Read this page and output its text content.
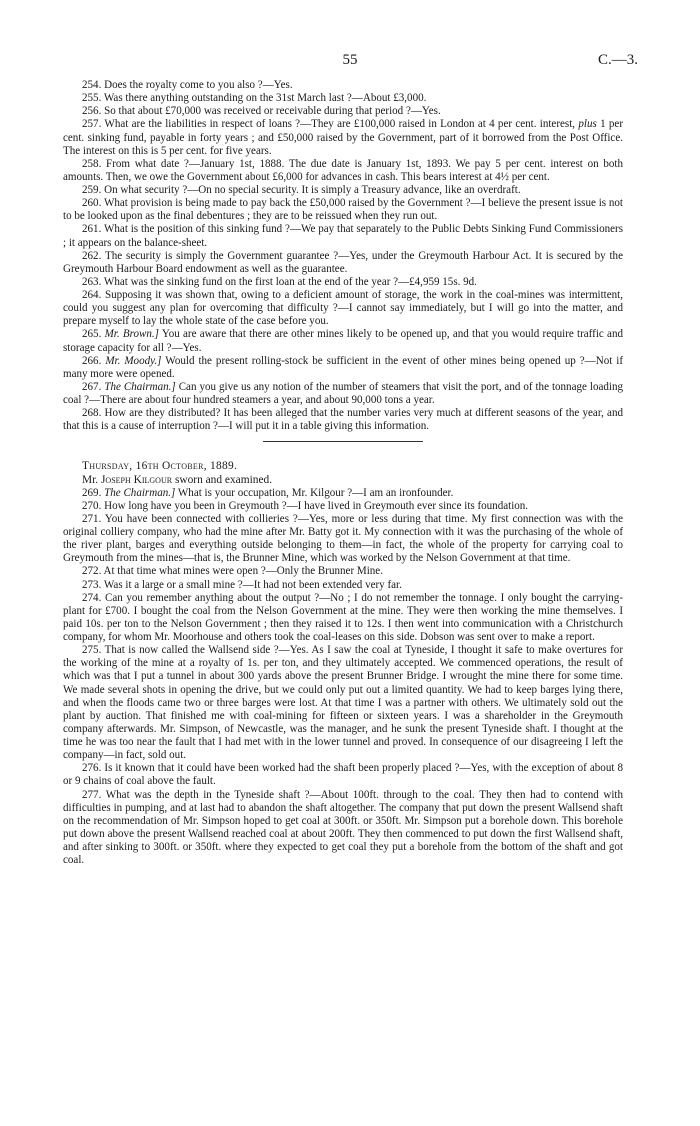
55	C.—3.

254. Does the royalty come to you also ?—Yes.

255. Was there anything outstanding on the 31st March last ?—About £3,000.

256. So that about £70,000 was received or receivable during that period ?—Yes.

257. What are the liabilities in respect of loans ?—They are £100,000 raised in London at 4 per cent. interest, plus 1 per cent. sinking fund, payable in forty years ; and £50,000 raised by the Government, part of it borrowed from the Post Office. The interest on this is 5 per cent. for five years.

258. From what date ?—January 1st, 1888. The due date is January 1st, 1893. We pay 5 per cent. interest on both amounts. Then, we owe the Government about £6,000 for advances in cash. This bears interest at 4½ per cent.

259. On what security ?—On no special security. It is simply a Treasury advance, like an overdraft.

260. What provision is being made to pay back the £50,000 raised by the Government ?—I believe the present issue is not to be looked upon as the final debentures ; they are to be reissued when they run out.

261. What is the position of this sinking fund ?—We pay that separately to the Public Debts Sinking Fund Commissioners ; it appears on the balance-sheet.

262. The security is simply the Government guarantee ?—Yes, under the Greymouth Harbour Act. It is secured by the Greymouth Harbour Board endowment as well as the guarantee.

263. What was the sinking fund on the first loan at the end of the year ?—£4,959 15s. 9d.

264. Supposing it was shown that, owing to a deficient amount of storage, the work in the coal-mines was intermittent, could you suggest any plan for overcoming that difficulty ?—I cannot say immediately, but I will go into the matter, and prepare myself to lay the whole state of the case before you.

265. Mr. Brown.] You are aware that there are other mines likely to be opened up, and that you would require traffic and storage capacity for all ?—Yes.

266. Mr. Moody.] Would the present rolling-stock be sufficient in the event of other mines being opened up ?—Not if many more were opened.

267. The Chairman.] Can you give us any notion of the number of steamers that visit the port, and of the tonnage loading coal ?—There are about four hundred steamers a year, and about 90,000 tons a year.

268. How are they distributed? It has been alleged that the number varies very much at different seasons of the year, and that this is a cause of interruption ?—I will put it in a table giving this information.

Thursday, 16th October, 1889.

Mr. Joseph Kilgour sworn and examined.

269. The Chairman.] What is your occupation, Mr. Kilgour ?—I am an ironfounder.

270. How long have you been in Greymouth ?—I have lived in Greymouth ever since its foundation.

271. You have been connected with collieries ?—Yes, more or less during that time. My first connection was with the original colliery company, who had the mine after Mr. Batty got it. My connection with it was the purchasing of the whole of the river plant, barges and everything outside belonging to them—in fact, the whole of the property for carrying coal to Greymouth from the mines—that is, the Brunner Mine, which was worked by the Nelson Government at that time.

272. At that time what mines were open ?—Only the Brunner Mine.

273. Was it a large or a small mine ?—It had not been extended very far.

274. Can you remember anything about the output ?—No ; I do not remember the tonnage. I only bought the carrying-plant for £700. I bought the coal from the Nelson Government at the mine. They were then working the mine themselves. I paid 10s. per ton to the Nelson Government ; then they raised it to 12s. I then went into communication with a Christchurch company, for whom Mr. Moorhouse and others took the coal-leases on this side. Dobson was sent over to make a report.

275. That is now called the Wallsend side ?—Yes. As I saw the coal at Tyneside, I thought it safe to make overtures for the working of the mine at a royalty of 1s. per ton, and they ultimately accepted. We commenced operations, the result of which was that I put a tunnel in about 300 yards above the present Brunner Bridge. I wrought the mine there for some time. We made several shots in opening the drive, but we could only put out a limited quantity. We had to keep barges lying there, and when the floods came two or three barges were lost. At that time I was a partner with others. We ultimately sold out the plant by auction. That finished me with coal-mining for fifteen or sixteen years. I was a shareholder in the Greymouth company afterwards. Mr. Simpson, of Newcastle, was the manager, and he sunk the present Tyneside shaft. I thought at the time he was too near the fault that I had met with in the lower tunnel and proved. In consequence of our disagreeing I left the company—in fact, sold out.

276. Is it known that it could have been worked had the shaft been properly placed ?—Yes, with the exception of about 8 or 9 chains of coal above the fault.

277. What was the depth in the Tyneside shaft ?—About 100ft. through to the coal. They then had to contend with difficulties in pumping, and at last had to abandon the shaft altogether. The company that put down the present Wallsend shaft on the recommendation of Mr. Simpson hoped to get coal at 300ft. or 350ft. Mr. Simpson put a borehole down. This borehole put down above the present Wallsend reached coal at about 200ft. They then commenced to put down the first Wallsend shaft, and after sinking to 300ft. or 350ft. where they expected to get coal they put a borehole from the bottom of the shaft and got coal.
